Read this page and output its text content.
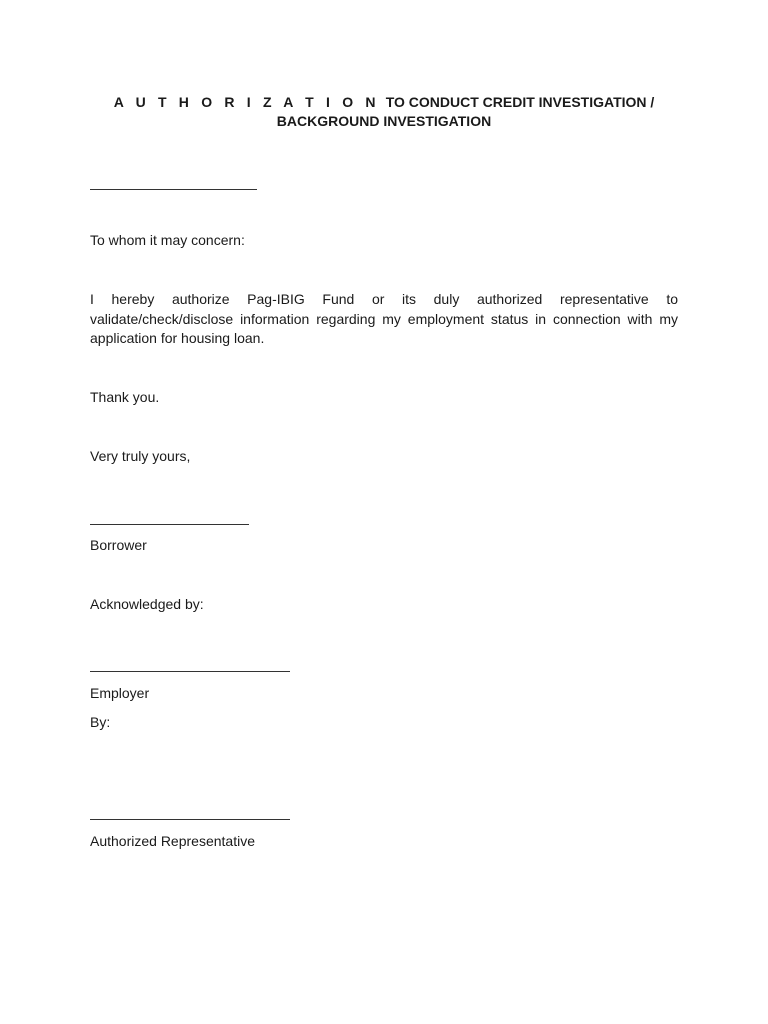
A U T H O R I Z A T I O N TO CONDUCT CREDIT INVESTIGATION /
BACKGROUND INVESTIGATION
To whom it may concern:
I hereby authorize Pag-IBIG Fund or its duly authorized representative to validate/check/disclose information regarding my employment status in connection with my application for housing loan.
Thank you.
Very truly yours,
Borrower
Acknowledged by:
Employer
By:
Authorized Representative
